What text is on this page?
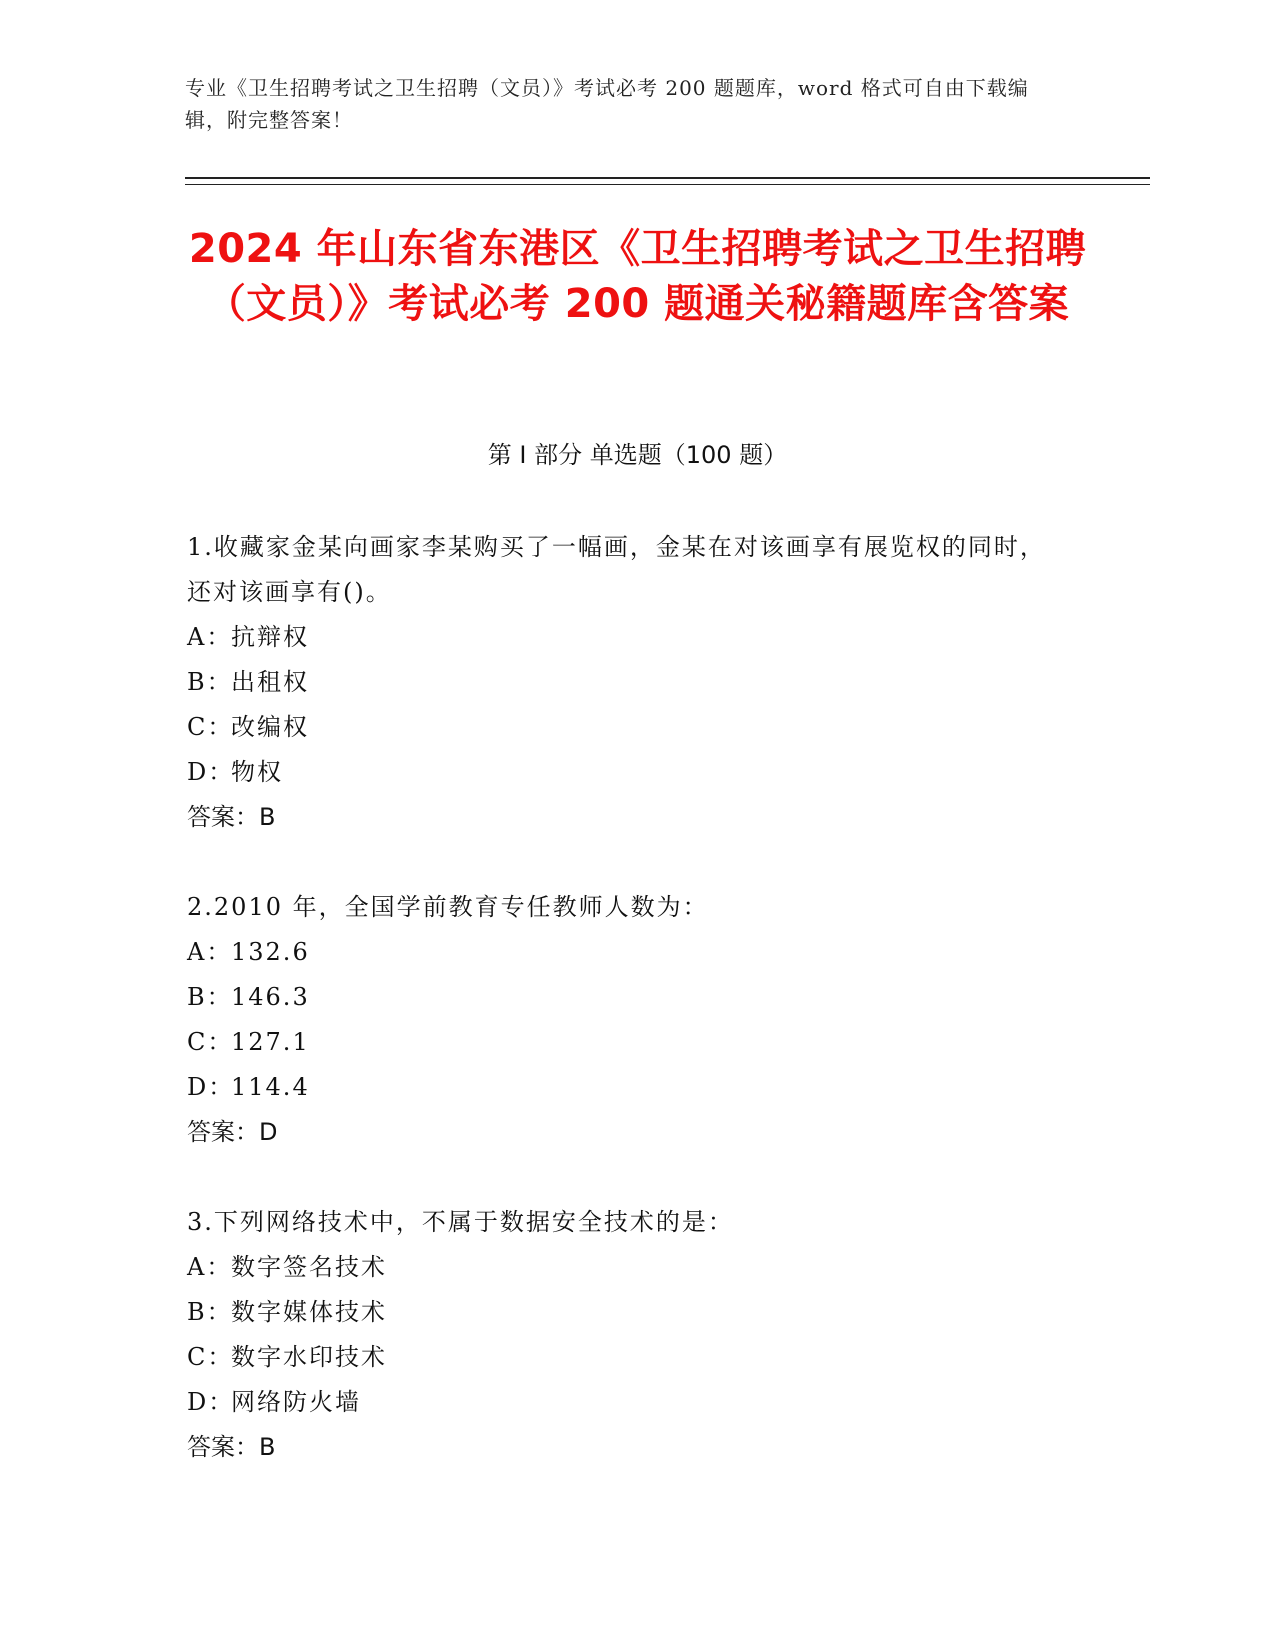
专业《卫生招聘考试之卫生招聘（文员）》考试必考 200 题题库，word 格式可自由下载编辑，附完整答案！
2024 年山东省东港区《卫生招聘考试之卫生招聘（文员）》考试必考 200 题通关秘籍题库含答案
第 I 部分 单选题（100 题）
1.收藏家金某向画家李某购买了一幅画，金某在对该画享有展览权的同时，还对该画享有()。
A：
抗辩权
B：
出租权
C：
改编权
D：
物权
答案：B
2.2010 年，全国学前教育专任教师人数为：
A：
132.6
B：
146.3
C：
127.1
D：
114.4
答案：D
3.下列网络技术中，不属于数据安全技术的是：
A：
数字签名技术
B：
数字媒体技术
C：
数字水印技术
D：
网络防火墙
答案：B
